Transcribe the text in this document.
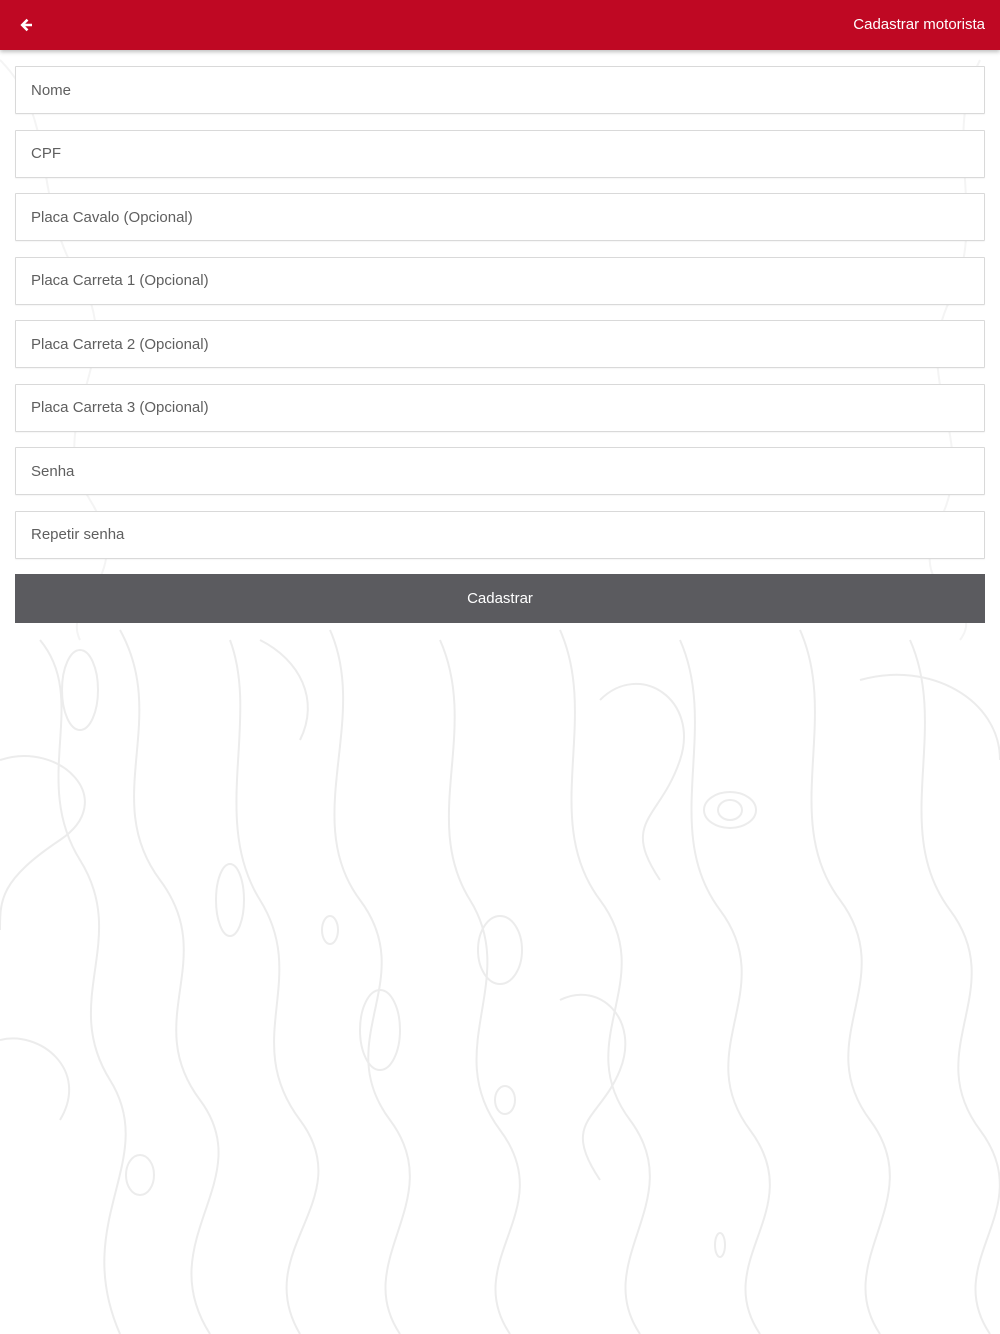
Cadastrar motorista
Nome
CPF
Placa Cavalo (Opcional)
Placa Carreta 1 (Opcional)
Placa Carreta 2 (Opcional)
Placa Carreta 3 (Opcional)
Cadastrar
